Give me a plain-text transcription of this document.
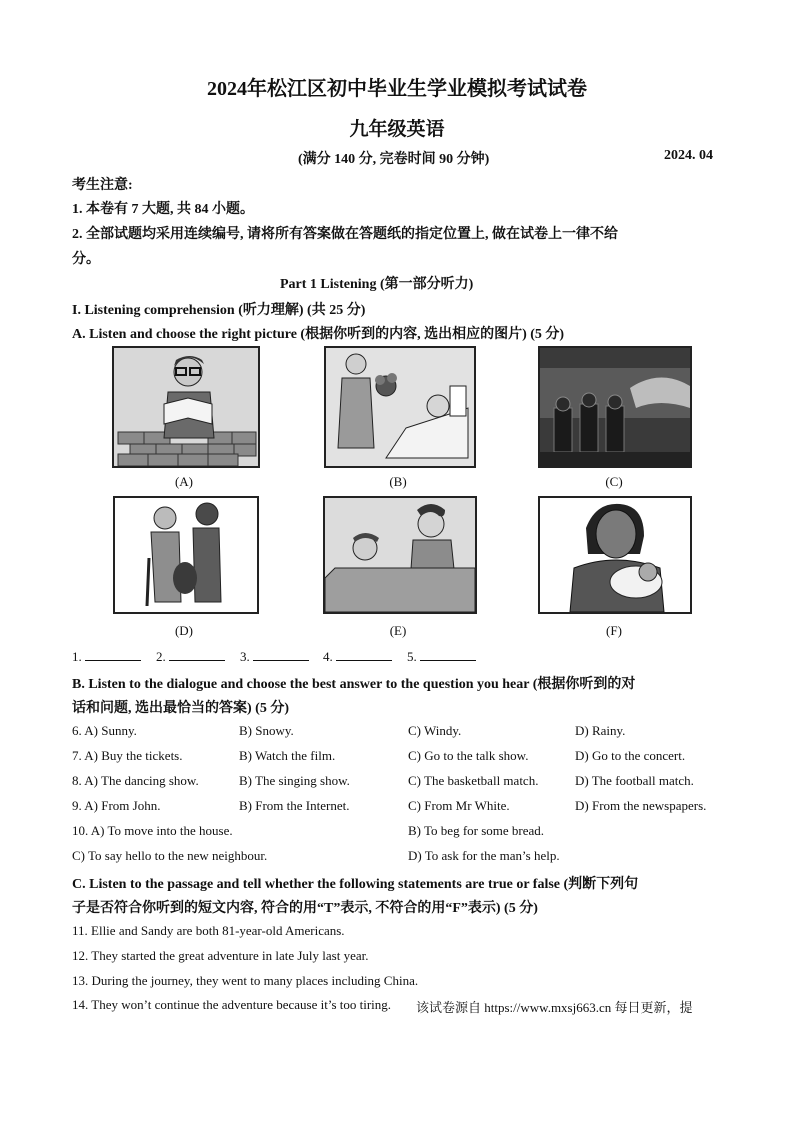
2024年松江区初中毕业生学业模拟考试试卷
九年级英语
(满分 140 分, 完卷时间 90 分钟)	2024. 04
考生注意:
1. 本卷有 7 大题, 共 84 小题。
2. 全部试题均采用连续编号, 请将所有答案做在答题纸的指定位置上, 做在试卷上一律不给
分。
Part 1 Listening (第一部分听力)
I. Listening comprehension (听力理解) (共 25 分)
A. Listen and choose the right picture (根据你听到的内容, 选出相应的图片) (5 分)
(A)	(B)	(C)
(D)	(E)	(F)
1.	2.	3.	4.	5.
B. Listen to the dialogue and choose the best answer to the question you hear (根据你听到的对
话和问题, 选出最恰当的答案) (5 分)
6. A) Sunny.	B) Snowy.	C) Windy.	D) Rainy.
7. A) Buy the tickets.	B) Watch the film.	C) Go to the talk show.	D) Go to the concert.
8. A) The dancing show.	B) The singing show.	C) The basketball match.	D) The football match.
9. A) From John.	B) From the Internet.	C) From Mr White.	D) From the newspapers.
10. A) To move into the house.	B) To beg for some bread.
C) To say hello to the new neighbour.	D) To ask for the man’s help.
C. Listen to the passage and tell whether the following statements are true or false (判断下列句
子是否符合你听到的短文内容, 符合的用“T”表示, 不符合的用“F”表示) (5 分)
11. Ellie and Sandy are both 81-year-old Americans.
12. They started the great adventure in late July last year.
13. During the journey, they went to many places including China.
14. They won’t continue the adventure because it’s too tiring. 该试卷源自 https://www.mxsj663.cn 每日更新，提
